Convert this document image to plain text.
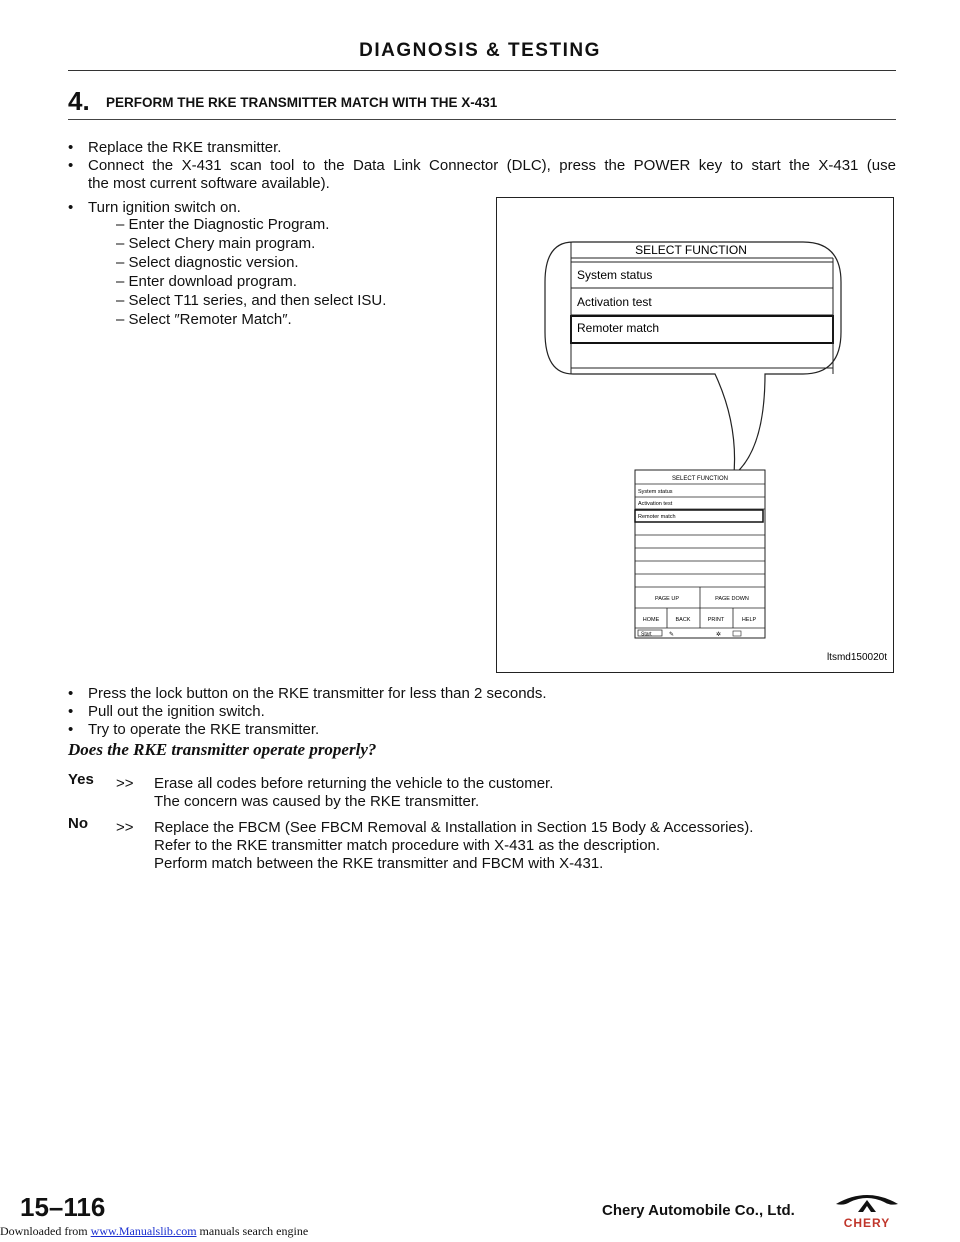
DIAGNOSIS & TESTING
4. PERFORM THE RKE TRANSMITTER MATCH WITH THE X-431
• Replace the RKE transmitter.
• Connect the X-431 scan tool to the Data Link Connector (DLC), press the POWER key to start the X-431 (use
the most current software available).
• Turn ignition switch on.
– Enter the Diagnostic Program.
– Select Chery main program.
– Select diagnostic version.
– Enter download program.
– Select T11 series, and then select ISU.
– Select ″Remoter Match″.
SELECT FUNCTION
System status
Activation test
Remoter match
SELECT FUNCTION
System status
Activation test
Remoter match
PAGE UP	PAGE DOWN
HOME	BACK	PRINT	HELP
Start	✎	✲
ltsmd150020t
• Press the lock button on the RKE transmitter for less than 2 seconds.
• Pull out the ignition switch.
• Try to operate the RKE transmitter.
Does the RKE transmitter operate properly?
Yes >> Erase all codes before returning the vehicle to the customer.
The concern was caused by the RKE transmitter.
No >> Replace the FBCM (See FBCM Removal & Installation in Section 15 Body & Accessories).
Refer to the RKE transmitter match procedure with X-431 as the description.
Perform match between the RKE transmitter and FBCM with X-431.
15–116	Chery Automobile Co., Ltd.
CHERY
Downloaded from www.Manualslib.com manuals search engine
